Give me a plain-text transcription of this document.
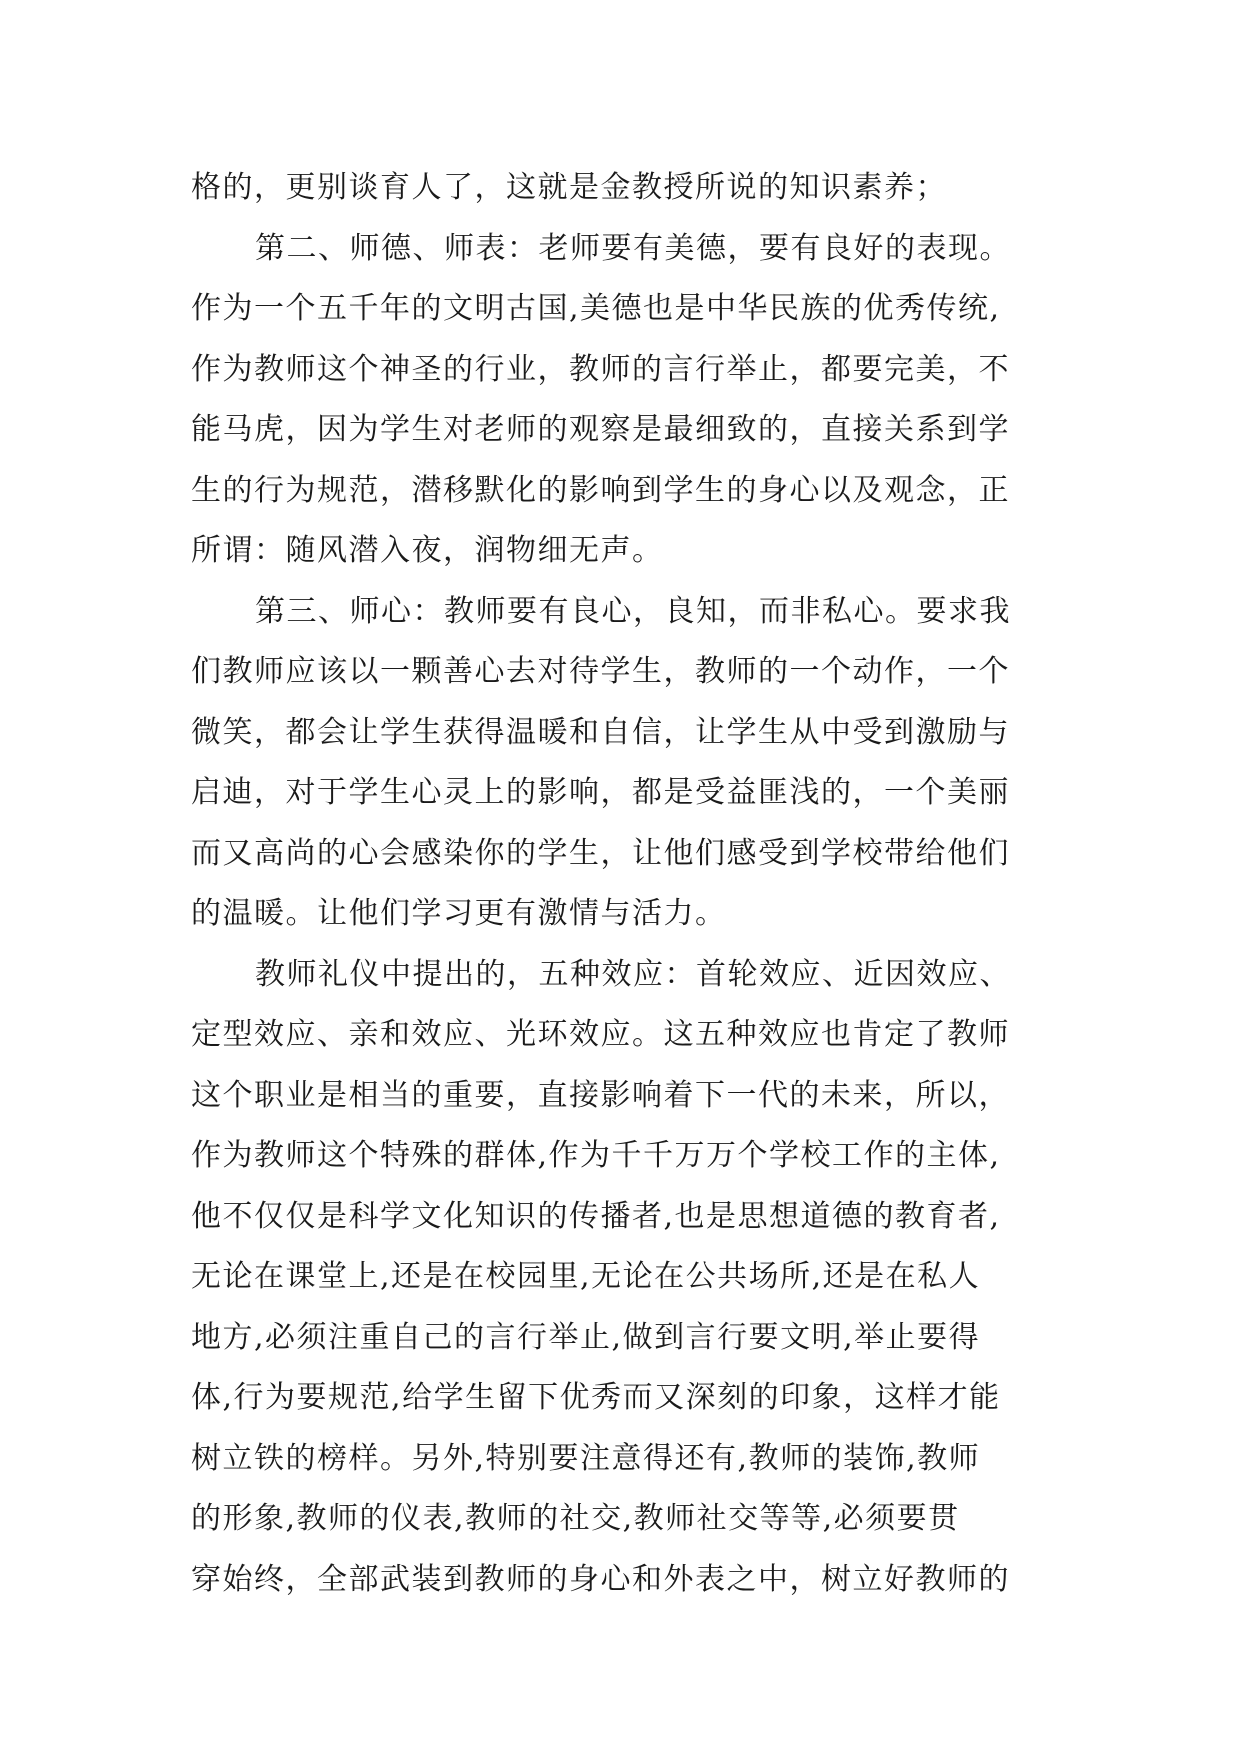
格的，更别谈育人了，这就是金教授所说的知识素养；
第二、师德、师表：老师要有美德，要有良好的表现。
作为一个五千年的文明古国,美德也是中华民族的优秀传统,
作为教师这个神圣的行业，教师的言行举止，都要完美，不
能马虎，因为学生对老师的观察是最细致的，直接关系到学
生的行为规范，潜移默化的影响到学生的身心以及观念，正
所谓：随风潜入夜，润物细无声。
第三、师心：教师要有良心，良知，而非私心。要求我
们教师应该以一颗善心去对待学生，教师的一个动作，一个
微笑，都会让学生获得温暖和自信，让学生从中受到激励与
启迪，对于学生心灵上的影响，都是受益匪浅的，一个美丽
而又高尚的心会感染你的学生，让他们感受到学校带给他们
的温暖。让他们学习更有激情与活力。
教师礼仪中提出的，五种效应：首轮效应、近因效应、
定型效应、亲和效应、光环效应。这五种效应也肯定了教师
这个职业是相当的重要，直接影响着下一代的未来，所以，
作为教师这个特殊的群体,作为千千万万个学校工作的主体,
他不仅仅是科学文化知识的传播者,也是思想道德的教育者,
无论在课堂上,还是在校园里,无论在公共场所,还是在私人
地方,必须注重自己的言行举止,做到言行要文明,举止要得
体,行为要规范,给学生留下优秀而又深刻的印象，这样才能
树立铁的榜样。另外,特别要注意得还有,教师的装饰,教师
的形象,教师的仪表,教师的社交,教师社交等等,必须要贯
穿始终，全部武装到教师的身心和外表之中，树立好教师的
